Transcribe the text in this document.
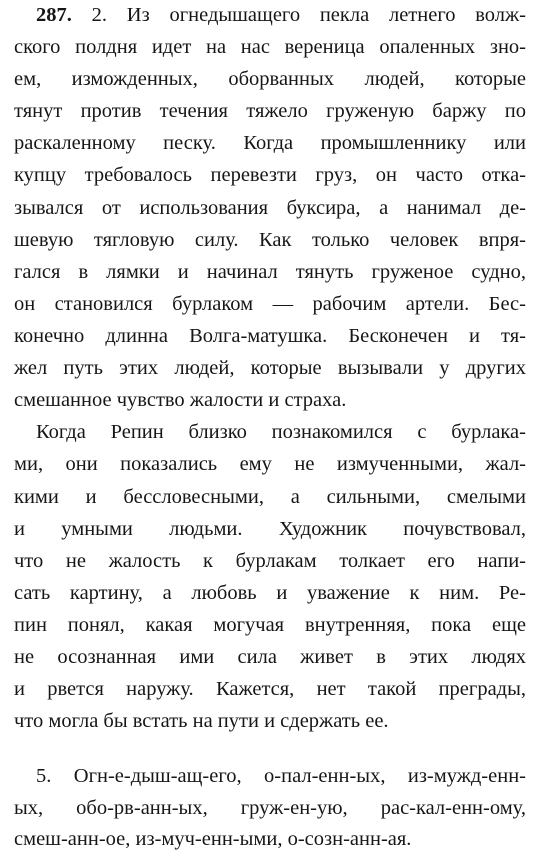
287. 2. Из огнедышащего пекла летнего волж-
ского полдня идет на нас вереница опаленных зно-
ем, изможденных, оборванных людей, которые
тянут против течения тяжело груженую баржу по
раскаленному песку. Когда промышленнику или
купцу требовалось перевезти груз, он часто отка-
зывался от использования буксира, а нанимал де-
шевую тягловую силу. Как только человек впря-
гался в лямки и начинал тянуть груженое судно,
он становился бурлаком — рабочим артели. Бес-
конечно длинна Волга-матушка. Бесконечен и тя-
жел путь этих людей, которые вызывали у других
смешанное чувство жалости и страха.
Когда Репин близко познакомился с бурлака-
ми, они показались ему не измученными, жал-
кими и бессловесными, а сильными, смелыми
и умными людьми. Художник почувствовал,
что не жалость к бурлакам толкает его напи-
сать картину, а любовь и уважение к ним. Ре-
пин понял, какая могучая внутренняя, пока еще
не осознанная ими сила живет в этих людях
и рвется наружу. Кажется, нет такой преграды,
что могла бы встать на пути и сдержать ее.
5. Огн-е-дыш-ащ-его, о-пал-енн-ых, из-мужд-енн-
ых, обо-рв-анн-ых, груж-ен-ую, рас-кал-енн-ому,
смеш-анн-ое, из-муч-енн-ыми, о-созн-анн-ая.
